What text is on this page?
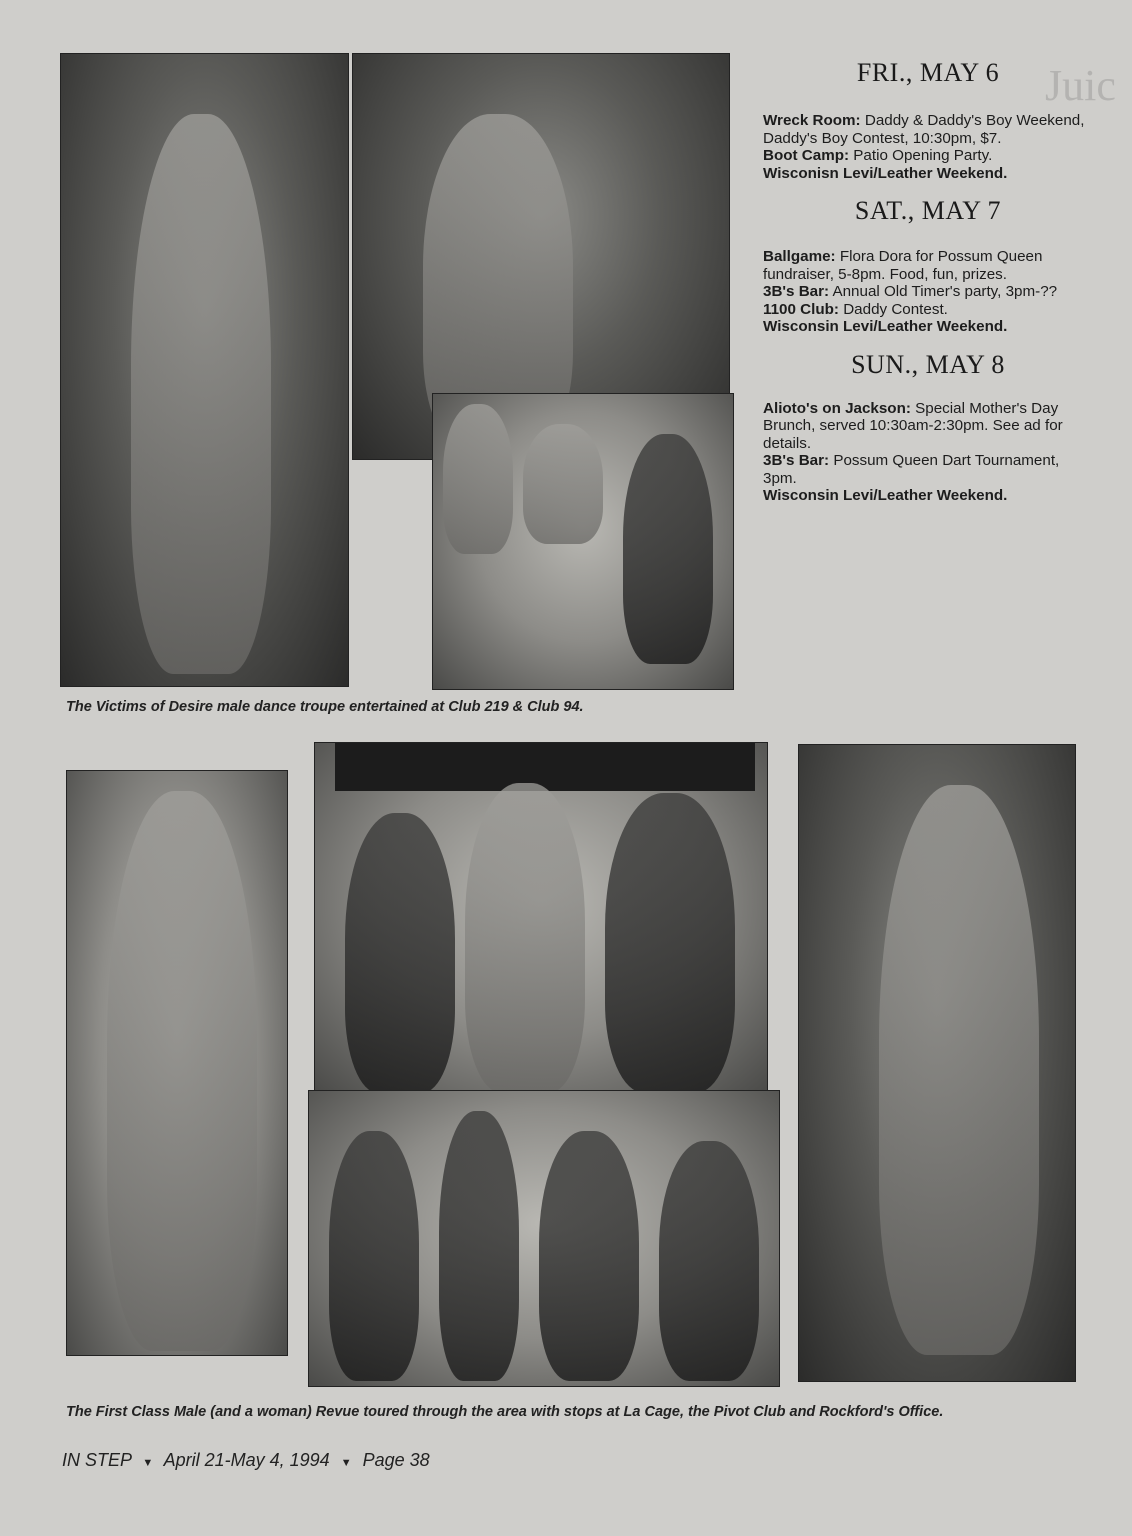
Juic
FRI., MAY 6

Wreck Room: Daddy & Daddy's Boy Weekend, Daddy's Boy Contest, 10:30pm, $7.

Boot Camp: Patio Opening Party.

Wisconisn Levi/Leather Weekend.

SAT., MAY 7

Ballgame: Flora Dora for Possum Queen fundraiser, 5-8pm. Food, fun, prizes.

3B's Bar: Annual Old Timer's party, 3pm-??

1100 Club: Daddy Contest.

Wisconsin Levi/Leather Weekend.

SUN., MAY 8

Alioto's on Jackson: Special Mother's Day Brunch, served 10:30am-2:30pm. See ad for details.

3B's Bar: Possum Queen Dart Tournament, 3pm.

Wisconsin Levi/Leather Weekend.

The Victims of Desire male dance troupe entertained at Club 219 & Club 94.

The First Class Male (and a woman) Revue toured through the area with stops at La Cage, the Pivot Club and Rockford's Office.

IN STEP ▼ April 21-May 4, 1994 ▼ Page 38
